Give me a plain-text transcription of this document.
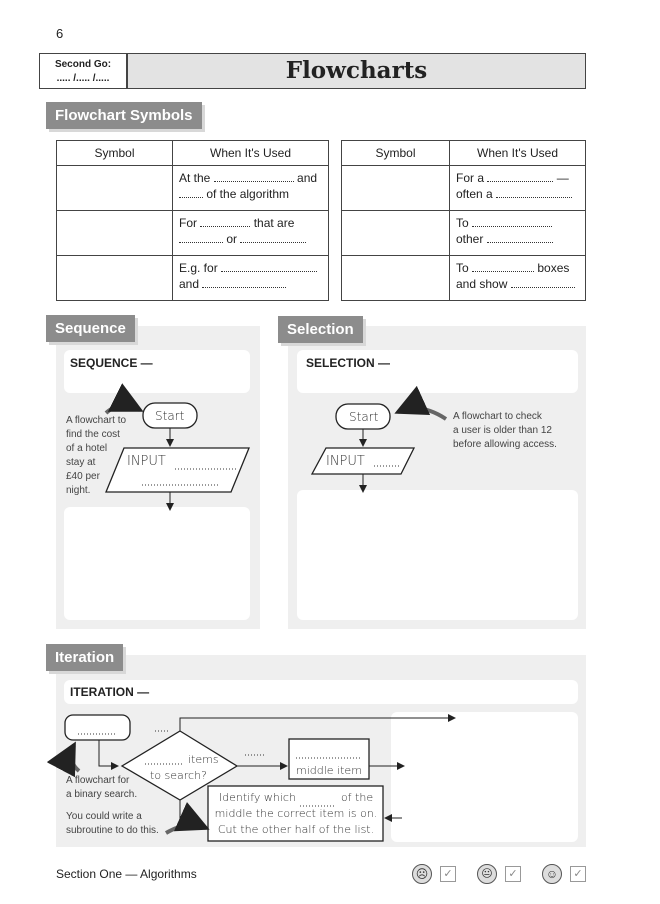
6
Second Go:
..... /..... /.....	Flowcharts
Flowchart Symbols
Symbol	When It's Used
	At the and
of the algorithm
	For that are
or
	E.g. for
and
Symbol	When It's Used
	For a —
often a
	To
other
	To boxes
and show
Sequence
SEQUENCE —
A flowchart to
find the cost
of a hotel
stay at
£40 per
night.
Selection
SELECTION —
A flowchart to check
a user is older than 12
before allowing access.
Iteration
ITERATION —
A flowchart for
a binary search.
You could write a
subroutine to do this.
Start
INPUT
Start
INPUT
items
to search?	middle item
Identify which	of the
middle the correct item is on.
Cut the other half of the list.
Section One — Algorithms	☹	✓	😐	✓	☺	✓
